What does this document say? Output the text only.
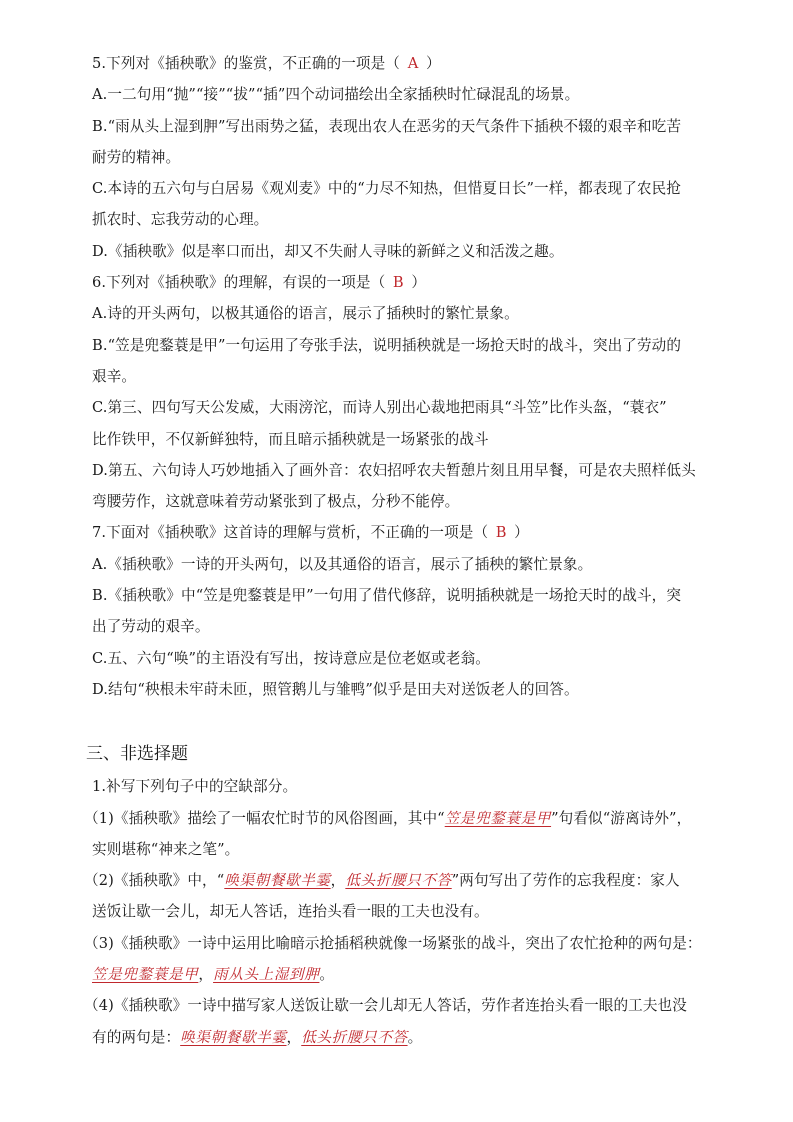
5.下列对《插秧歌》的鉴赏，不正确的一项是（ A ）
A.一二句用“抛”“接”“拔”“插”四个动词描绘出全家插秧时忙碌混乱的场景。
B.“雨从头上湿到胛”写出雨势之猛，表现出农人在恶劣的天气条件下插秧不辍的艰辛和吃苦
耐劳的精神。
C.本诗的五六句与白居易《观刈麦》中的“力尽不知热，但惜夏日长”一样，都表现了农民抢
抓农时、忘我劳动的心理。
D.《插秧歌》似是率口而出，却又不失耐人寻味的新鲜之义和活泼之趣。
6.下列对《插秧歌》的理解，有误的一项是（ B ）
A.诗的开头两句，以极其通俗的语言，展示了插秧时的繁忙景象。
B.“笠是兜鍪蓑是甲”一句运用了夸张手法，说明插秧就是一场抢天时的战斗，突出了劳动的
艰辛。
C.第三、四句写天公发威，大雨滂沱，而诗人别出心裁地把雨具“斗笠”比作头盔，“蓑衣”
比作铁甲，不仅新鲜独特，而且暗示插秧就是一场紧张的战斗
D.第五、六句诗人巧妙地插入了画外音：农妇招呼农夫暂憩片刻且用早餐，可是农夫照样低头
弯腰劳作，这就意味着劳动紧张到了极点，分秒不能停。
7.下面对《插秧歌》这首诗的理解与赏析，不正确的一项是（ B ）
A.《插秧歌》一诗的开头两句，以及其通俗的语言，展示了插秧的繁忙景象。
B.《插秧歌》中“笠是兜鍪蓑是甲”一句用了借代修辞，说明插秧就是一场抢天时的战斗，突
出了劳动的艰辛。
C.五、六句“唤”的主语没有写出，按诗意应是位老妪或老翁。
D.结句“秧根未牢莳未匝，照管鹅儿与雏鸭”似乎是田夫对送饭老人的回答。
三、非选择题
1.补写下列句子中的空缺部分。
（1)《插秧歌》描绘了一幅农忙时节的风俗图画，其中“笠是兜鍪蓑是甲”句看似“游离诗外”，
实则堪称“神来之笔”。
（2)《插秧歌》中，“唤渠朝餐歇半霎，低头折腰只不答”两句写出了劳作的忘我程度：家人
送饭让歇一会儿，却无人答话，连抬头看一眼的工夫也没有。
（3)《插秧歌》一诗中运用比喻暗示抢插稻秧就像一场紧张的战斗，突出了农忙抢种的两句是：
笠是兜鍪蓑是甲，雨从头上湿到胛。
（4)《插秧歌》一诗中描写家人送饭让歇一会儿却无人答话，劳作者连抬头看一眼的工夫也没
有的两句是：唤渠朝餐歇半霎，低头折腰只不答。
